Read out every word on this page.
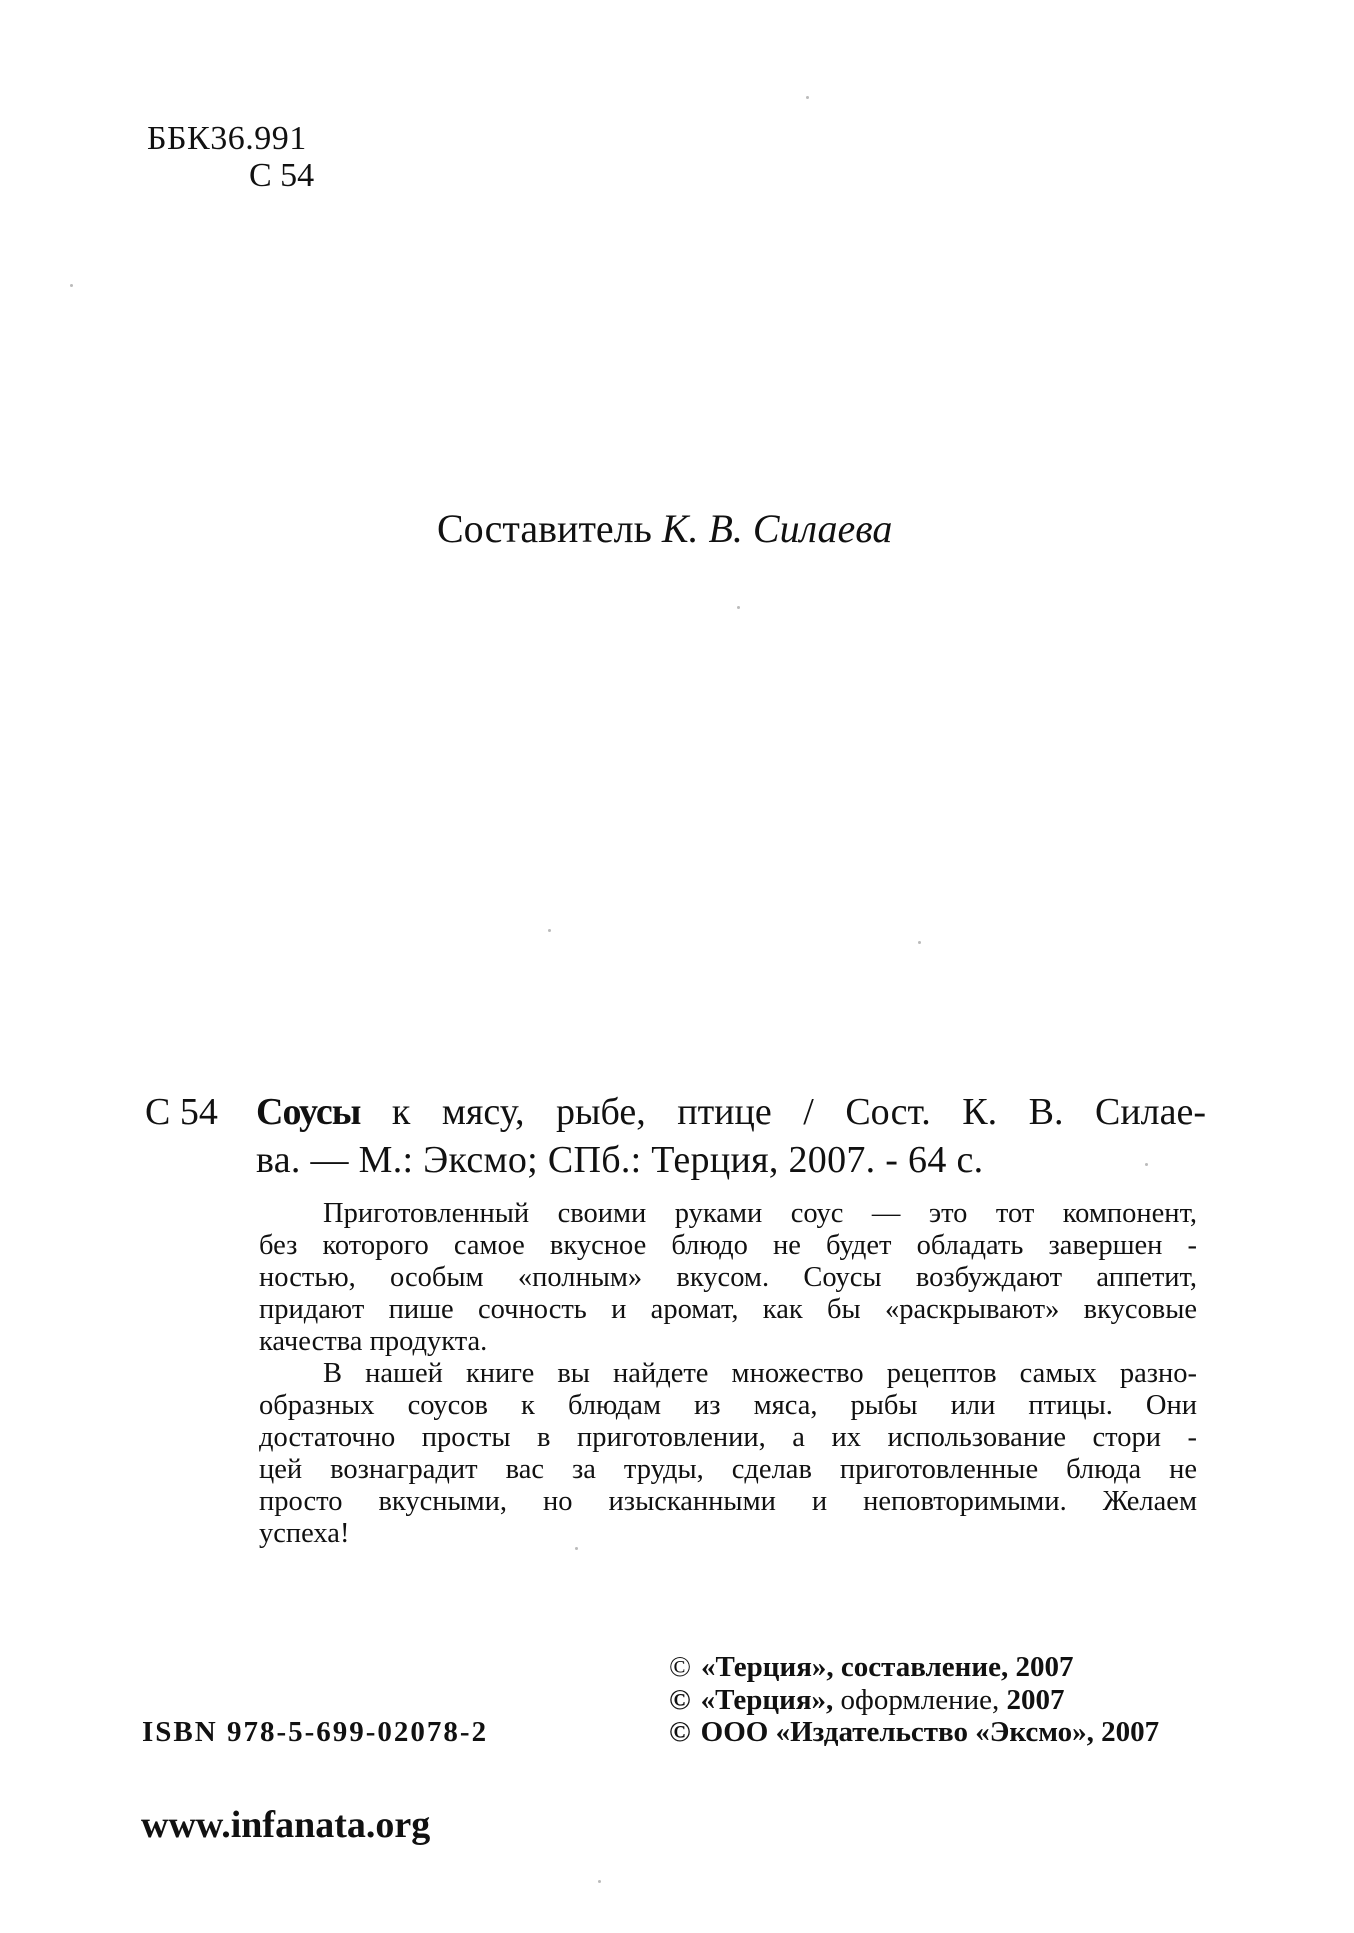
ББК36.991
С 54
Составитель К. В. Силаева
С 54 Соусы к мясу, рыбе, птице / Сост. К. В. Силае-
ва. — М.: Эксмо; СПб.: Терция, 2007. - 64 с.
Приготовленный своими руками соус — это тот компонент,
без которого самое вкусное блюдо не будет обладать завершен -
ностью, особым «полным» вкусом. Соусы возбуждают аппетит,
придают пише сочность и аромат, как бы «раскрывают» вкусовые
качества продукта.
В нашей книге вы найдете множество рецептов самых разно-
образных соусов к блюдам из мяса, рыбы или птицы. Они
достаточно просты в приготовлении, а их использование стори -
цей вознаградит вас за труды, сделав приготовленные блюда не
просто вкусными, но изысканными и неповторимыми. Желаем
успеха!
© «Терция», составление, 2007
© «Терция», оформление, 2007
© ООО «Издательство «Эксмо», 2007
ISBN 978-5-699-02078-2
www.infanata.org
